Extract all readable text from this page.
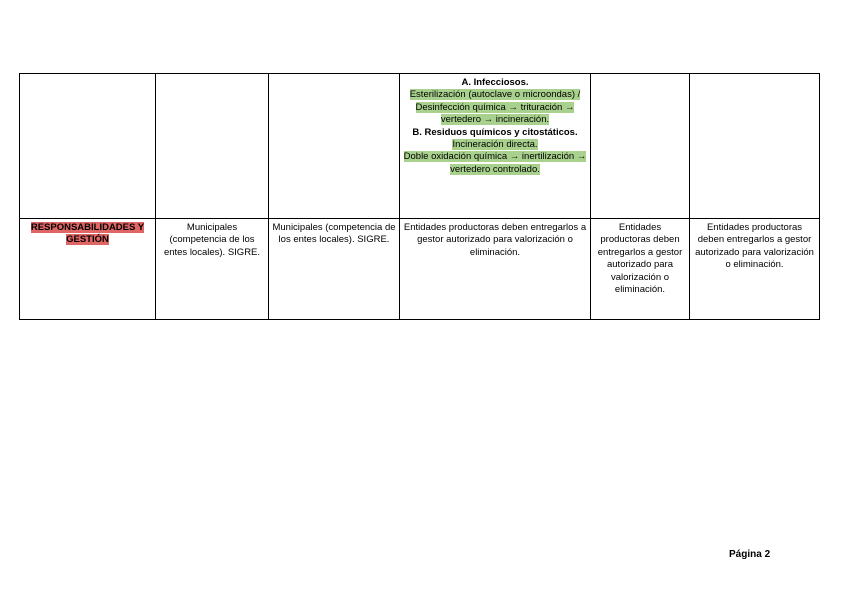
			A. Infecciosos.
Esterilización (autoclave o microondas) / Desinfección química → trituración → vertedero → incineración.
B. Residuos químicos y citostáticos.
Incineración directa.
Doble oxidación química → inertilización → vertedero controlado.		
RESPONSABILIDADES Y GESTIÓN	Municipales (competencia de los entes locales). SIGRE.	Municipales (competencia de los entes locales). SIGRE.	Entidades productoras deben entregarlos a gestor autorizado para valorización o eliminación.	Entidades productoras deben entregarlos a gestor autorizado para valorización o eliminación.	Entidades productoras deben entregarlos a gestor autorizado para valorización o eliminación.
Página 2
